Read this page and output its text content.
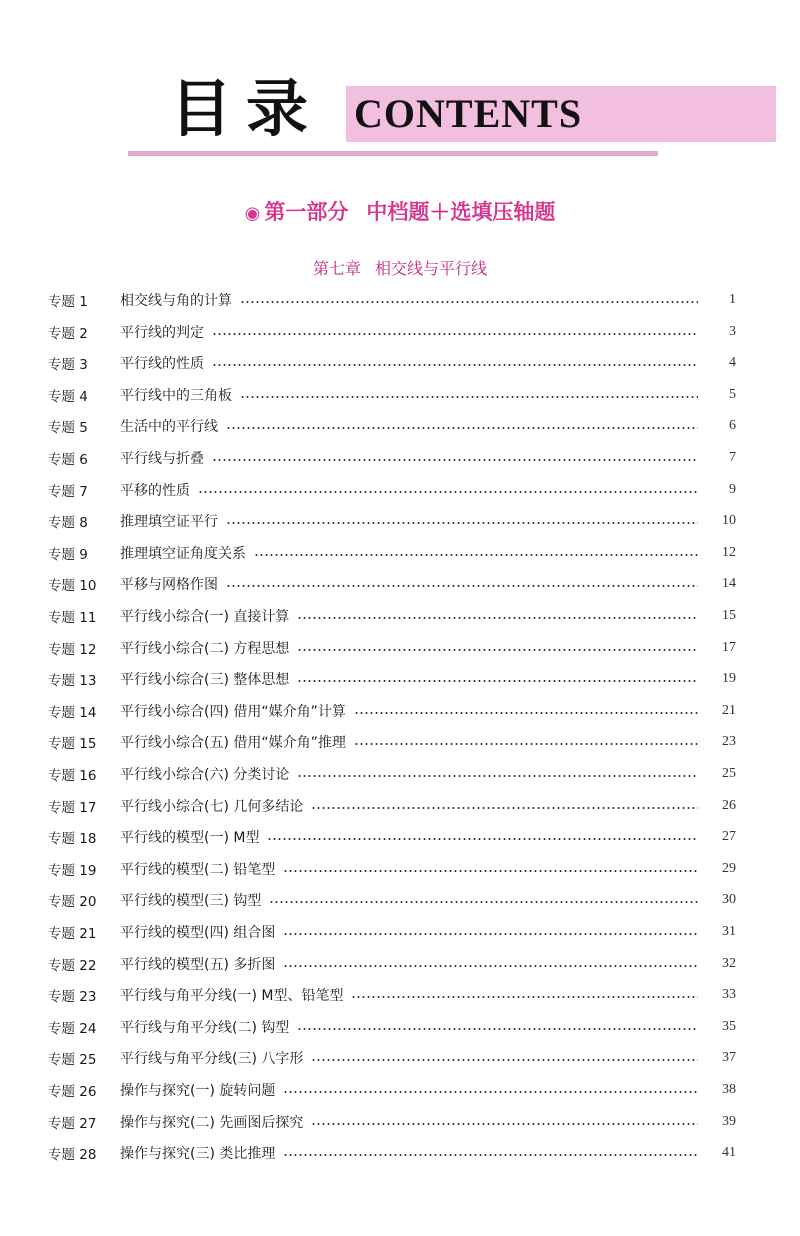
目录 CONTENTS
◉ 第一部分 中档题＋选填压轴题
第七章 相交线与平行线
专题 1	相交线与角的计算	1
专题 2	平行线的判定	3
专题 3	平行线的性质	4
专题 4	平行线中的三角板	5
专题 5	生活中的平行线	6
专题 6	平行线与折叠	7
专题 7	平移的性质	9
专题 8	推理填空证平行	10
专题 9	推理填空证角度关系	12
专题 10	平移与网格作图	14
专题 11	平行线小综合(一) 直接计算	15
专题 12	平行线小综合(二) 方程思想	17
专题 13	平行线小综合(三) 整体思想	19
专题 14	平行线小综合(四) 借用“媒介角”计算	21
专题 15	平行线小综合(五) 借用“媒介角”推理	23
专题 16	平行线小综合(六) 分类讨论	25
专题 17	平行线小综合(七) 几何多结论	26
专题 18	平行线的模型(一) M型	27
专题 19	平行线的模型(二) 铅笔型	29
专题 20	平行线的模型(三) 钩型	30
专题 21	平行线的模型(四) 组合图	31
专题 22	平行线的模型(五) 多折图	32
专题 23	平行线与角平分线(一) M型、铅笔型	33
专题 24	平行线与角平分线(二) 钩型	35
专题 25	平行线与角平分线(三) 八字形	37
专题 26	操作与探究(一) 旋转问题	38
专题 27	操作与探究(二) 先画图后探究	39
专题 28	操作与探究(三) 类比推理	41
